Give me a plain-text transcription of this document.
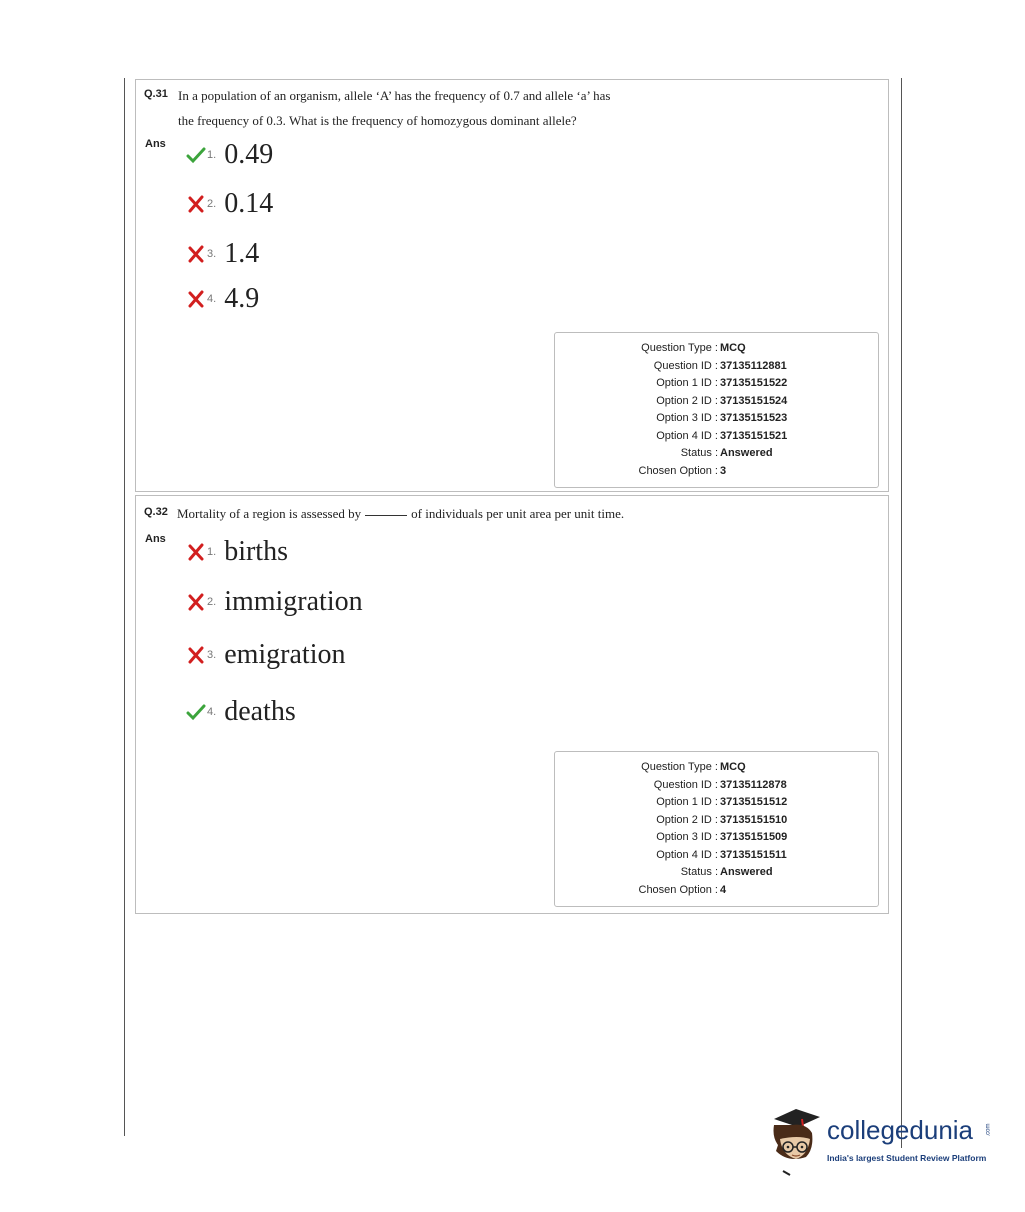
Q.31 In a population of an organism, allele ‘A’ has the frequency of 0.7 and allele ‘a’ has
the frequency of 0.3. What is the frequency of homozygous dominant allele?
Ans
1. 0.49
2. 0.14
3. 1.4
4. 4.9
Question Type : MCQ
Question ID : 37135112881
Option 1 ID : 37135151522
Option 2 ID : 37135151524
Option 3 ID : 37135151523
Option 4 ID : 37135151521
Status : Answered
Chosen Option : 3
Q.32 Mortality of a region is assessed by	of individuals per unit area per unit time.
Ans
1. births
2. immigration
3. emigration
4. deaths
Question Type : MCQ
Question ID : 37135112878
Option 1 ID : 37135151512
Option 2 ID : 37135151510
Option 3 ID : 37135151509
Option 4 ID : 37135151511
Status : Answered
Chosen Option : 4
collegedunia .com
India's largest Student Review Platform
